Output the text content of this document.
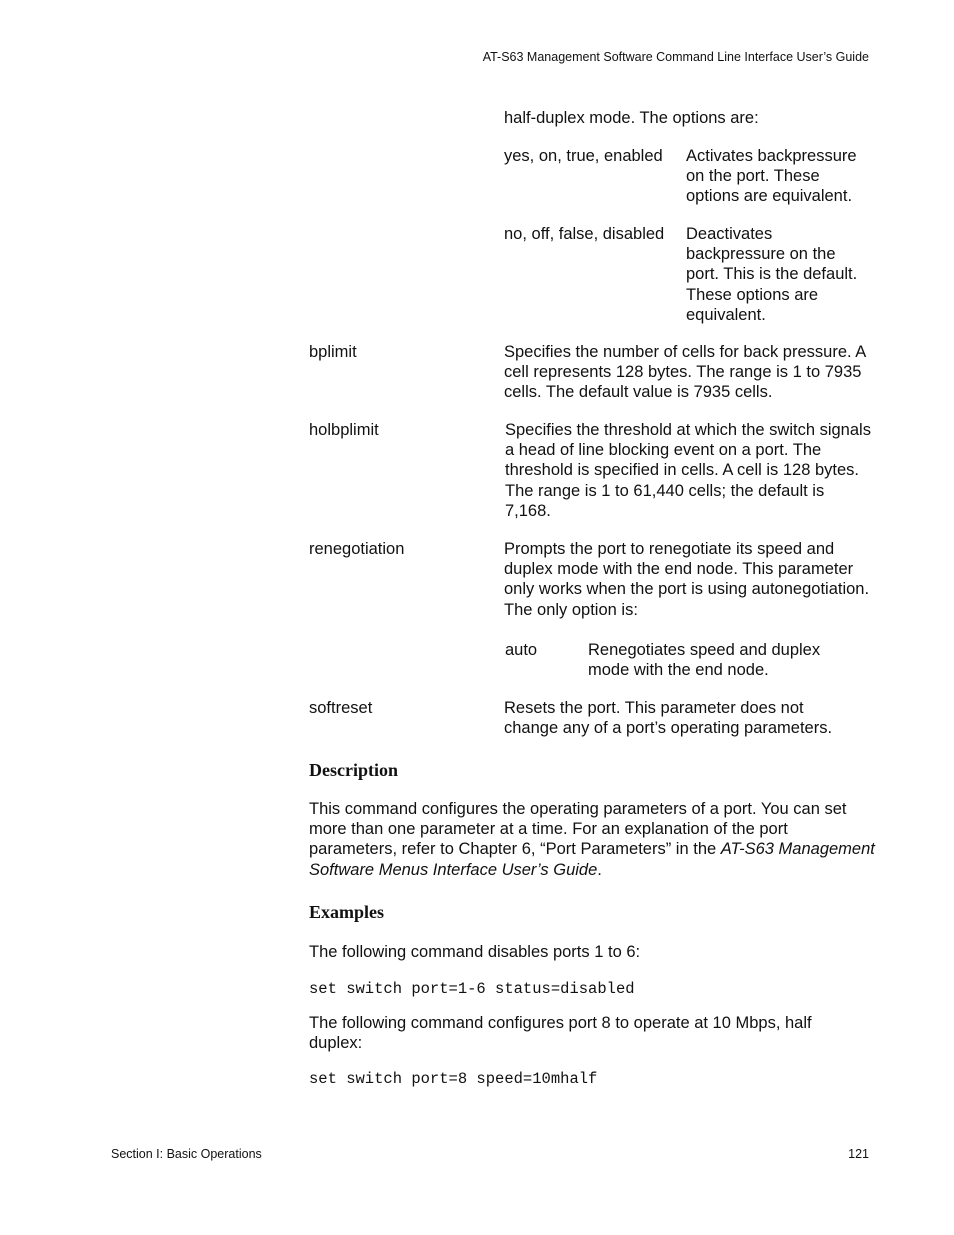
AT-S63 Management Software Command Line Interface User’s Guide

half-duplex mode. The options are:

yes, on, true, enabled	Activates backpressure on the port. These options are equivalent.
no, off, false, disabled	Deactivates backpressure on the port. This is the default. These options are equivalent.
bplimit	Specifies the number of cells for back pressure. A cell represents 128 bytes. The range is 1 to 7935 cells. The default value is 7935 cells.
holbplimit	Specifies the threshold at which the switch signals a head of line blocking event on a port. The threshold is specified in cells. A cell is 128 bytes. The range is 1 to 61,440 cells; the default is 7,168.
renegotiation	Prompts the port to renegotiate its speed and duplex mode with the end node. This parameter only works when the port is using autonegotiation. The only option is:
auto	Renegotiates speed and duplex mode with the end node.
softreset	Resets the port. This parameter does not change any of a port’s operating parameters.
Description

This command configures the operating parameters of a port. You can set more than one parameter at a time. For an explanation of the port parameters, refer to Chapter 6, “Port Parameters” in the AT-S63 Management Software Menus Interface User’s Guide.

Examples

The following command disables ports 1 to 6:

set switch port=1-6 status=disabled

The following command configures port 8 to operate at 10 Mbps, half duplex:

set switch port=8 speed=10mhalf
Section I: Basic Operations	121
